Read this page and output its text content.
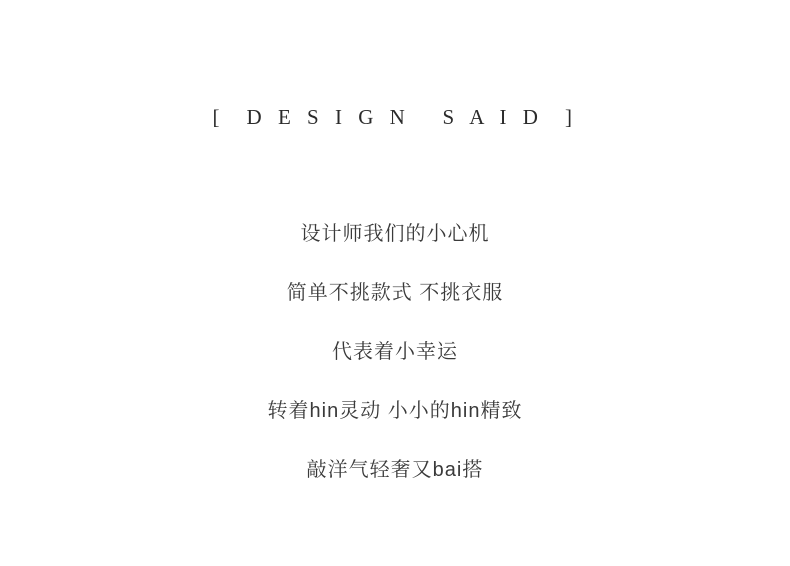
[  D E S I G N   S A I D  ]

设计师我们的小心机

简单不挑款式 不挑衣服

代表着小幸运

转着hin灵动 小小的hin精致

敲洋气轻奢又bai搭
